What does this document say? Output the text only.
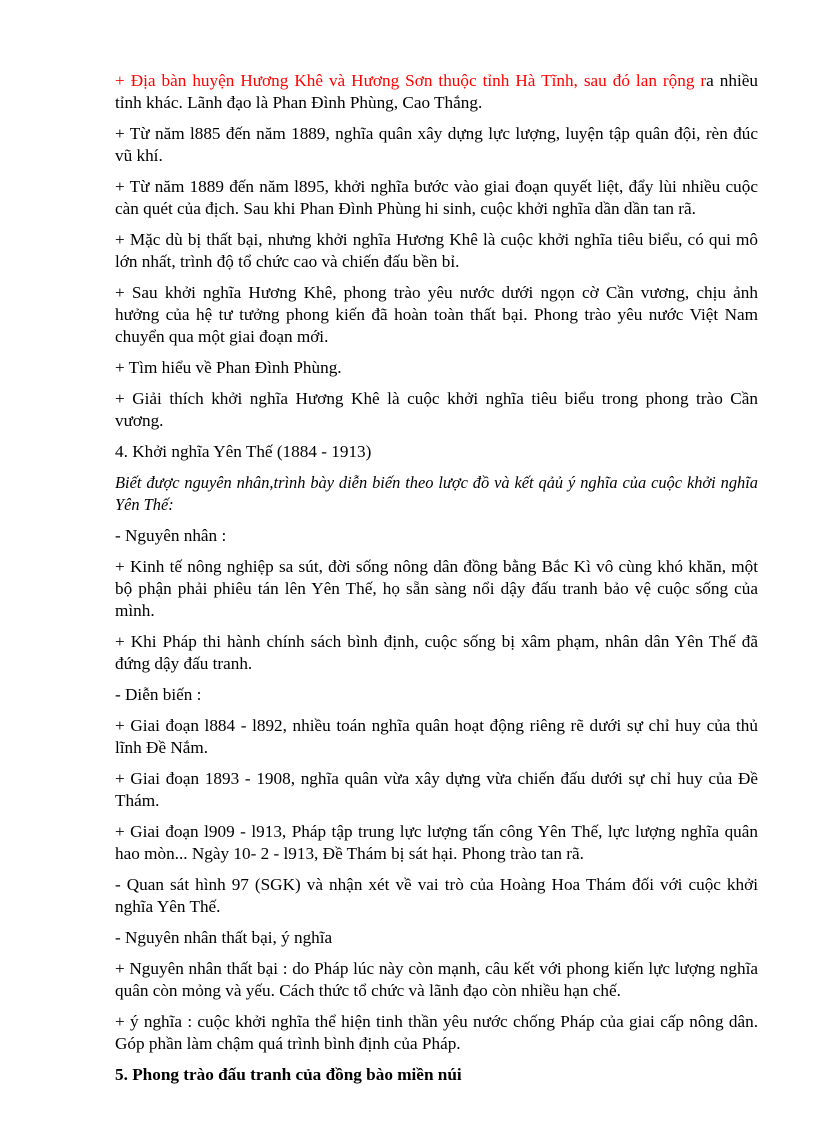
+ Địa bàn huyện Hương Khê và Hương Sơn thuộc tỉnh Hà Tĩnh, sau đó lan rộng ra nhiều tỉnh khác. Lãnh đạo là Phan Đình Phùng, Cao Thắng.

+ Từ năm l885 đến năm 1889, nghĩa quân xây dựng lực lượng, luyện tập quân đội, rèn đúc vũ khí.

+ Từ năm 1889 đến năm l895, khởi nghĩa bước vào giai đoạn quyết liệt, đẩy lùi nhiều cuộc càn quét của địch. Sau khi Phan Đình Phùng hi sinh, cuộc khởi nghĩa dần dần tan rã.

+ Mặc dù bị thất bại, nhưng khởi nghĩa Hương Khê là cuộc khởi nghĩa tiêu biểu, có qui mô lớn nhất, trình độ tổ chức cao và chiến đấu bền bỉ.

+ Sau khởi nghĩa Hương Khê, phong trào yêu nước dưới ngọn cờ Cần vương, chịu ảnh hưởng của hệ tư tưởng phong kiến đã hoàn toàn thất bại. Phong trào yêu nước Việt Nam chuyển qua một giai đoạn mới.

+ Tìm hiểu về Phan Đình Phùng.

+ Giải thích khởi nghĩa Hương Khê là cuộc khởi nghĩa tiêu biểu trong phong trào Cần vương.

4. Khởi nghĩa Yên Thế (1884 - 1913)

Biết được nguyên nhân,trình bày diễn biến theo lược đồ và kết qảủ ý nghĩa của cuộc khởi nghĩa Yên Thế:

- Nguyên nhân :

+ Kinh tế nông nghiệp sa sút, đời sống nông dân đồng bằng Bắc Kì vô cùng khó khăn, một bộ phận phải phiêu tán lên Yên Thế, họ sẵn sàng nổi dậy đấu tranh bảo vệ cuộc sống của mình.

+ Khi Pháp thi hành chính sách bình định, cuộc sống bị xâm phạm, nhân dân Yên Thế đã đứng dậy đấu tranh.

- Diễn biến :

+ Giai đoạn l884 - l892, nhiều toán nghĩa quân hoạt động riêng rẽ dưới sự chỉ huy của thủ lĩnh Đề Nắm.

+ Giai đoạn 1893 - 1908, nghĩa quân vừa xây dựng vừa chiến đấu dưới sự chỉ huy của Đề Thám.

+ Giai đoạn l909 - l913, Pháp tập trung lực lượng tấn công Yên Thế, lực lượng nghĩa quân hao mòn... Ngày 10- 2 - l913, Đề Thám bị sát hại. Phong trào tan rã.

- Quan sát hình 97 (SGK) và nhận xét về vai trò của Hoàng Hoa Thám đối với cuộc khởi nghĩa Yên Thế.

- Nguyên nhân thất bại, ý nghĩa

+ Nguyên nhân thất bại : do Pháp lúc này còn mạnh, câu kết với phong kiến lực lượng nghĩa quân còn mỏng và yếu. Cách thức tổ chức và lãnh đạo còn nhiều hạn chế.

+ ý nghĩa : cuộc khởi nghĩa thể hiện tinh thần yêu nước chống Pháp của giai cấp nông dân. Góp phần làm chậm quá trình bình định của Pháp.

5. Phong trào đấu tranh của đồng bào miền núi
